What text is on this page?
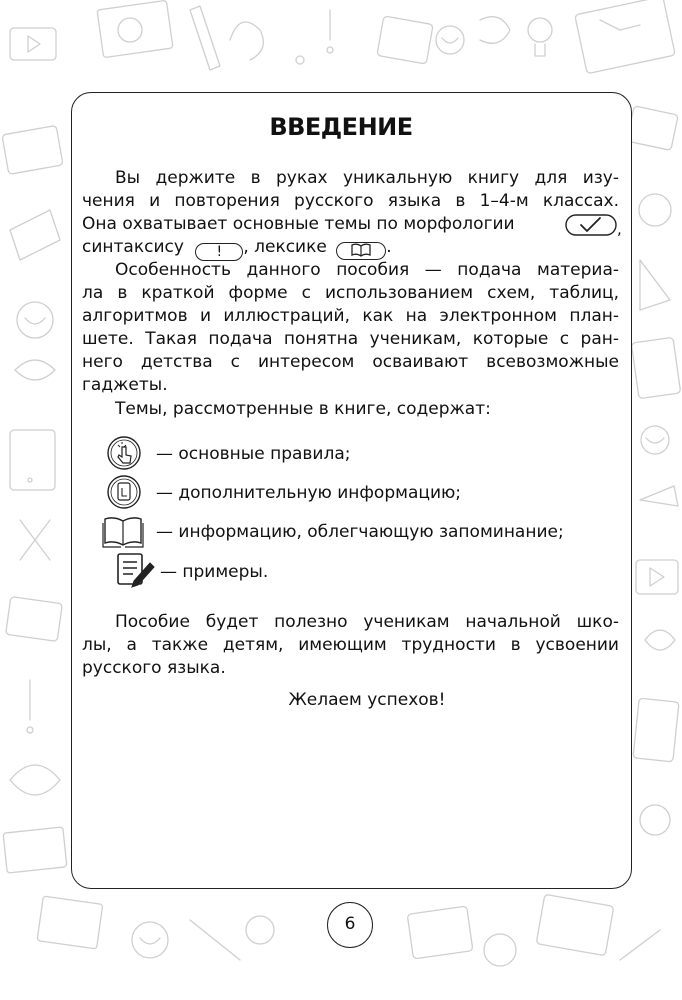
ВВЕДЕНИЕ
Вы держите в руках уникальную книгу для изу-
чения и повторения русского языка в 1–4-м классах.
Она охватывает основные темы по морфологии	,
синтаксису ! , лексике	.
Особенность данного пособия — подача материа-
ла в краткой форме с использованием схем, таблиц,
алгоритмов и иллюстраций, как на электронном план-
шете. Такая подача понятна ученикам, которые с ран-
него детства с интересом осваивают всевозможные
гаджеты.
Темы, рассмотренные в книге, содержат:
— основные правила;
— дополнительную информацию;
— информацию, облегчающую запоминание;
— примеры.
Пособие будет полезно ученикам начальной шко-
лы, а также детям, имеющим трудности в усвоении
русского языка.
Желаем успехов!
6
